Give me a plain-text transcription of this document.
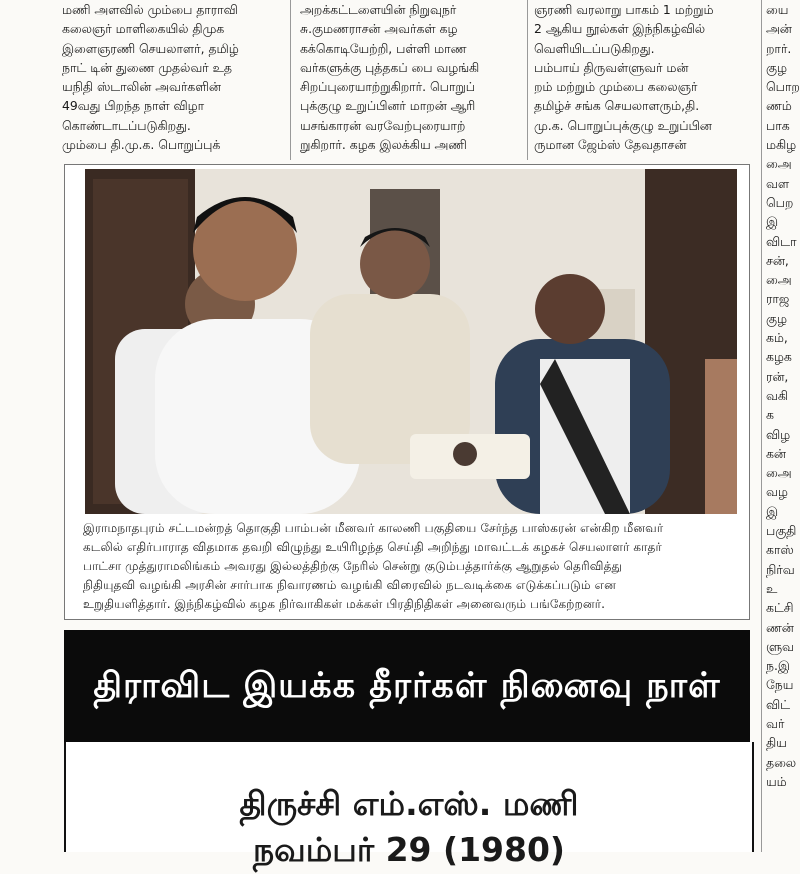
மணி அளவில் மும்பை தாராவி

கலைஞர் மாளிகையில் திமுக

இளைஞரணி செயலாளர், தமிழ்

நாட் டின் துணை முதல்வர் உத

யநிதி ஸ்டாலின் அவர்களின்

49வது பிறந்த நாள் விழா

கொண்டாடப்படுகிறது.

மும்பை தி.மு.க. பொறுப்புக்

அறக்கட்டளையின் நிறுவுநர்

சு.குமணராசன் அவர்கள் கழ

கக்கொடியேற்றி, பள்ளி மாண

வர்களுக்கு புத்தகப் பை வழங்கி

சிறப்புரையாற்றுகிறார். பொறுப்

புக்குழு உறுப்பினர் மாறன் ஆரி

யசங்காரன் வரவேற்புரையாற்

றுகிறார். கழக இலக்கிய அணி

ஞரணி வரலாறு பாகம் 1 மற்றும்

2 ஆகிய நூல்கள் இந்நிகழ்வில்

வெளியிடப்படுகிறது.

பம்பாய் திருவள்ளுவர் மன்

றம் மற்றும் மும்பை கலைஞர்

தமிழ்ச் சங்க செயலாளரும்,தி.

மு.க. பொறுப்புக்குழு உறுப்பின

ருமான ஜேம்ஸ் தேவதாசன்

யை

அன்

றார்.

குழ

பொற

ணம்

பாக

மகிழ

அை

வள

பெற

இ

விடா

சன்,

அை

ராஜ

குழ

கம்,

கழக

ரன்,

வகி

க

விழ

கன்

அை

வழ

இ

பகுதி

காஸ்

நிர்வ

உ

கட்சி

ணன்

ளுவ

ந.இ

நேய

விட்

வர்

திய

தலை

யம்

இராமநாதபுரம் சட்டமன்றத் தொகுதி பாம்பன் மீனவர் காலணி பகுதியை சேர்ந்த பாஸ்கரன் என்கிற மீனவர்

கடலில் எதிர்பாராத விதமாக தவறி விழுந்து உயிரிழந்த செய்தி அறிந்து மாவட்டக் கழகச் செயலாளர் காதர்

பாட்சா முத்துராமலிங்கம் அவரது இல்லத்திற்கு நேரில் சென்று குடும்பத்தார்க்கு ஆறுதல் தெரிவித்து

நிதியுதவி வழங்கி அரசின் சார்பாக நிவாரணம் வழங்கி விரைவில் நடவடிக்கை எடுக்கப்படும் என

உறுதியளித்தார். இந்நிகழ்வில் கழக நிர்வாகிகள் மக்கள் பிரதிநிதிகள் அனைவரும் பங்கேற்றனர்.

திராவிட இயக்க தீரர்கள் நினைவு நாள்
திருச்சி எம்.எஸ். மணி
நவம்பர் 29 (1980)
